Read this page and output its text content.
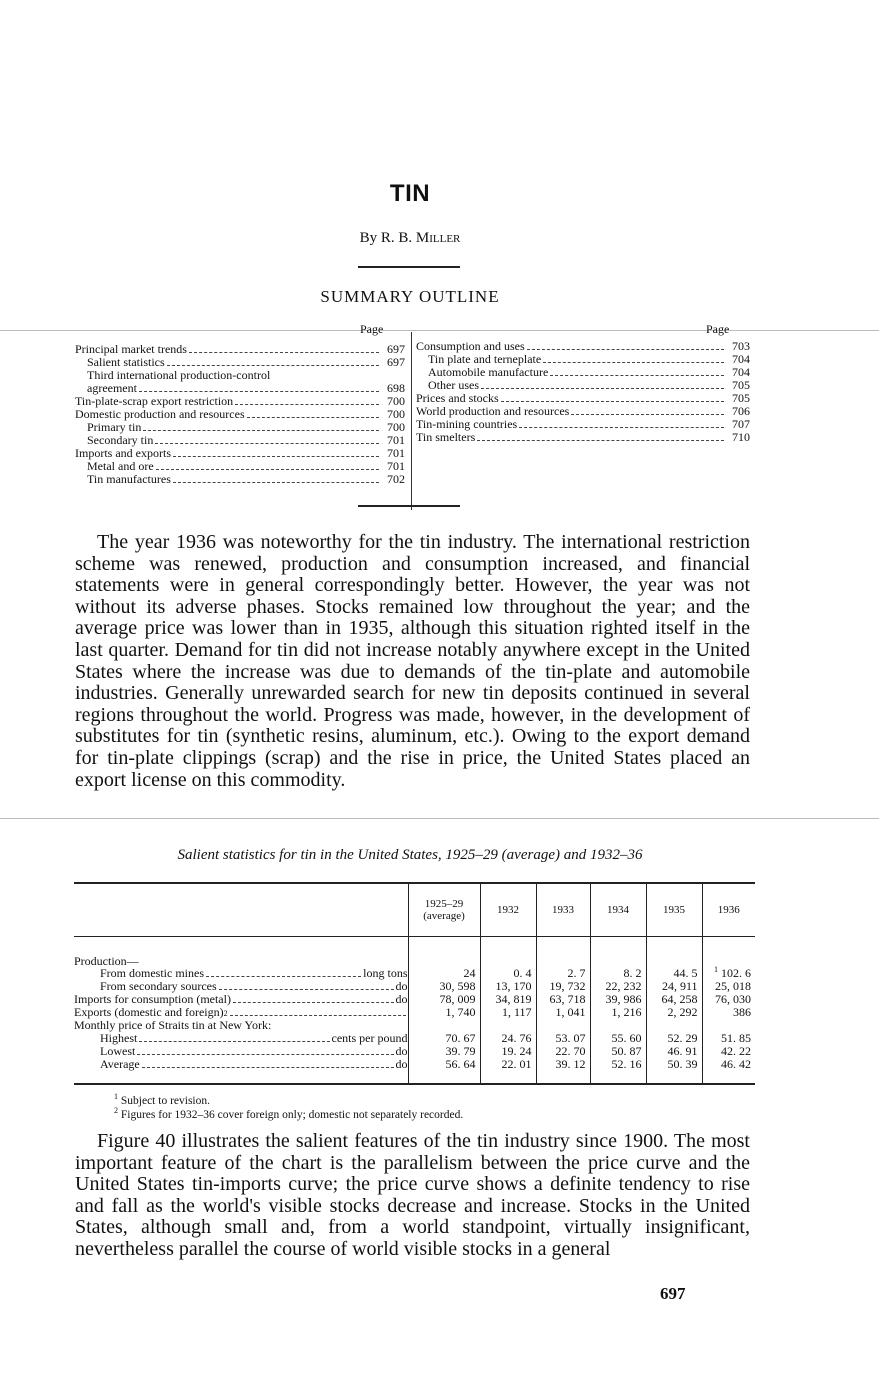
TIN
By R. B. Miller
SUMMARY OUTLINE
Page	Page
Principal market trends	697
Salient statistics	697
Third international production-control
agreement	698
Tin-plate-scrap export restriction	700
Domestic production and resources	700
Primary tin	700
Secondary tin	701
Imports and exports	701
Metal and ore	701
Tin manufactures	702
Consumption and uses	703
Tin plate and terneplate	704
Automobile manufacture	704
Other uses	705
Prices and stocks	705
World production and resources	706
Tin-mining countries	707
Tin smelters	710
The year 1936 was noteworthy for the tin industry. The international restriction scheme was renewed, production and consumption increased, and financial statements were in general correspondingly better. However, the year was not without its adverse phases. Stocks remained low throughout the year; and the average price was lower than in 1935, although this situation righted itself in the last quarter. Demand for tin did not increase notably anywhere except in the United States where the increase was due to demands of the tin-plate and automobile industries. Generally unrewarded search for new tin deposits continued in several regions throughout the world. Progress was made, however, in the development of substitutes for tin (synthetic resins, aluminum, etc.). Owing to the export demand for tin-plate clippings (scrap) and the rise in price, the United States placed an export license on this commodity.
Salient statistics for tin in the United States, 1925–29 (average) and 1932–36
	1925–29 (average)	1932	1933	1934	1935	1936

Production—						

From domestic mines long tons	24	0. 4	2. 7	8. 2	44. 5	$^1$ 102. 6

From secondary sources do	30, 598	13, 170	19, 732	22, 232	24, 911	25, 018

Imports for consumption (metal) do	78, 009	34, 819	63, 718	39, 986	64, 258	76, 030

Exports (domestic and foreign) 2	1, 740	1, 117	1, 041	1, 216	2, 292	386

Monthly price of Straits tin at New York:						

Highest cents per pound	70. 67	24. 76	53. 07	55. 60	52. 29	51. 85

Lowest do	39. 79	19. 24	22. 70	50. 87	46. 91	42. 22

Average do	56. 64	22. 01	39. 12	52. 16	50. 39	46. 42
$^1$ Subject to revision.
$^2$ Figures for 1932–36 cover foreign only; domestic not separately recorded.
Figure 40 illustrates the salient features of the tin industry since 1900. The most important feature of the chart is the parallelism between the price curve and the United States tin-imports curve; the price curve shows a definite tendency to rise and fall as the world's visible stocks decrease and increase. Stocks in the United States, although small and, from a world standpoint, virtually insignificant, nevertheless parallel the course of world visible stocks in a general
697
